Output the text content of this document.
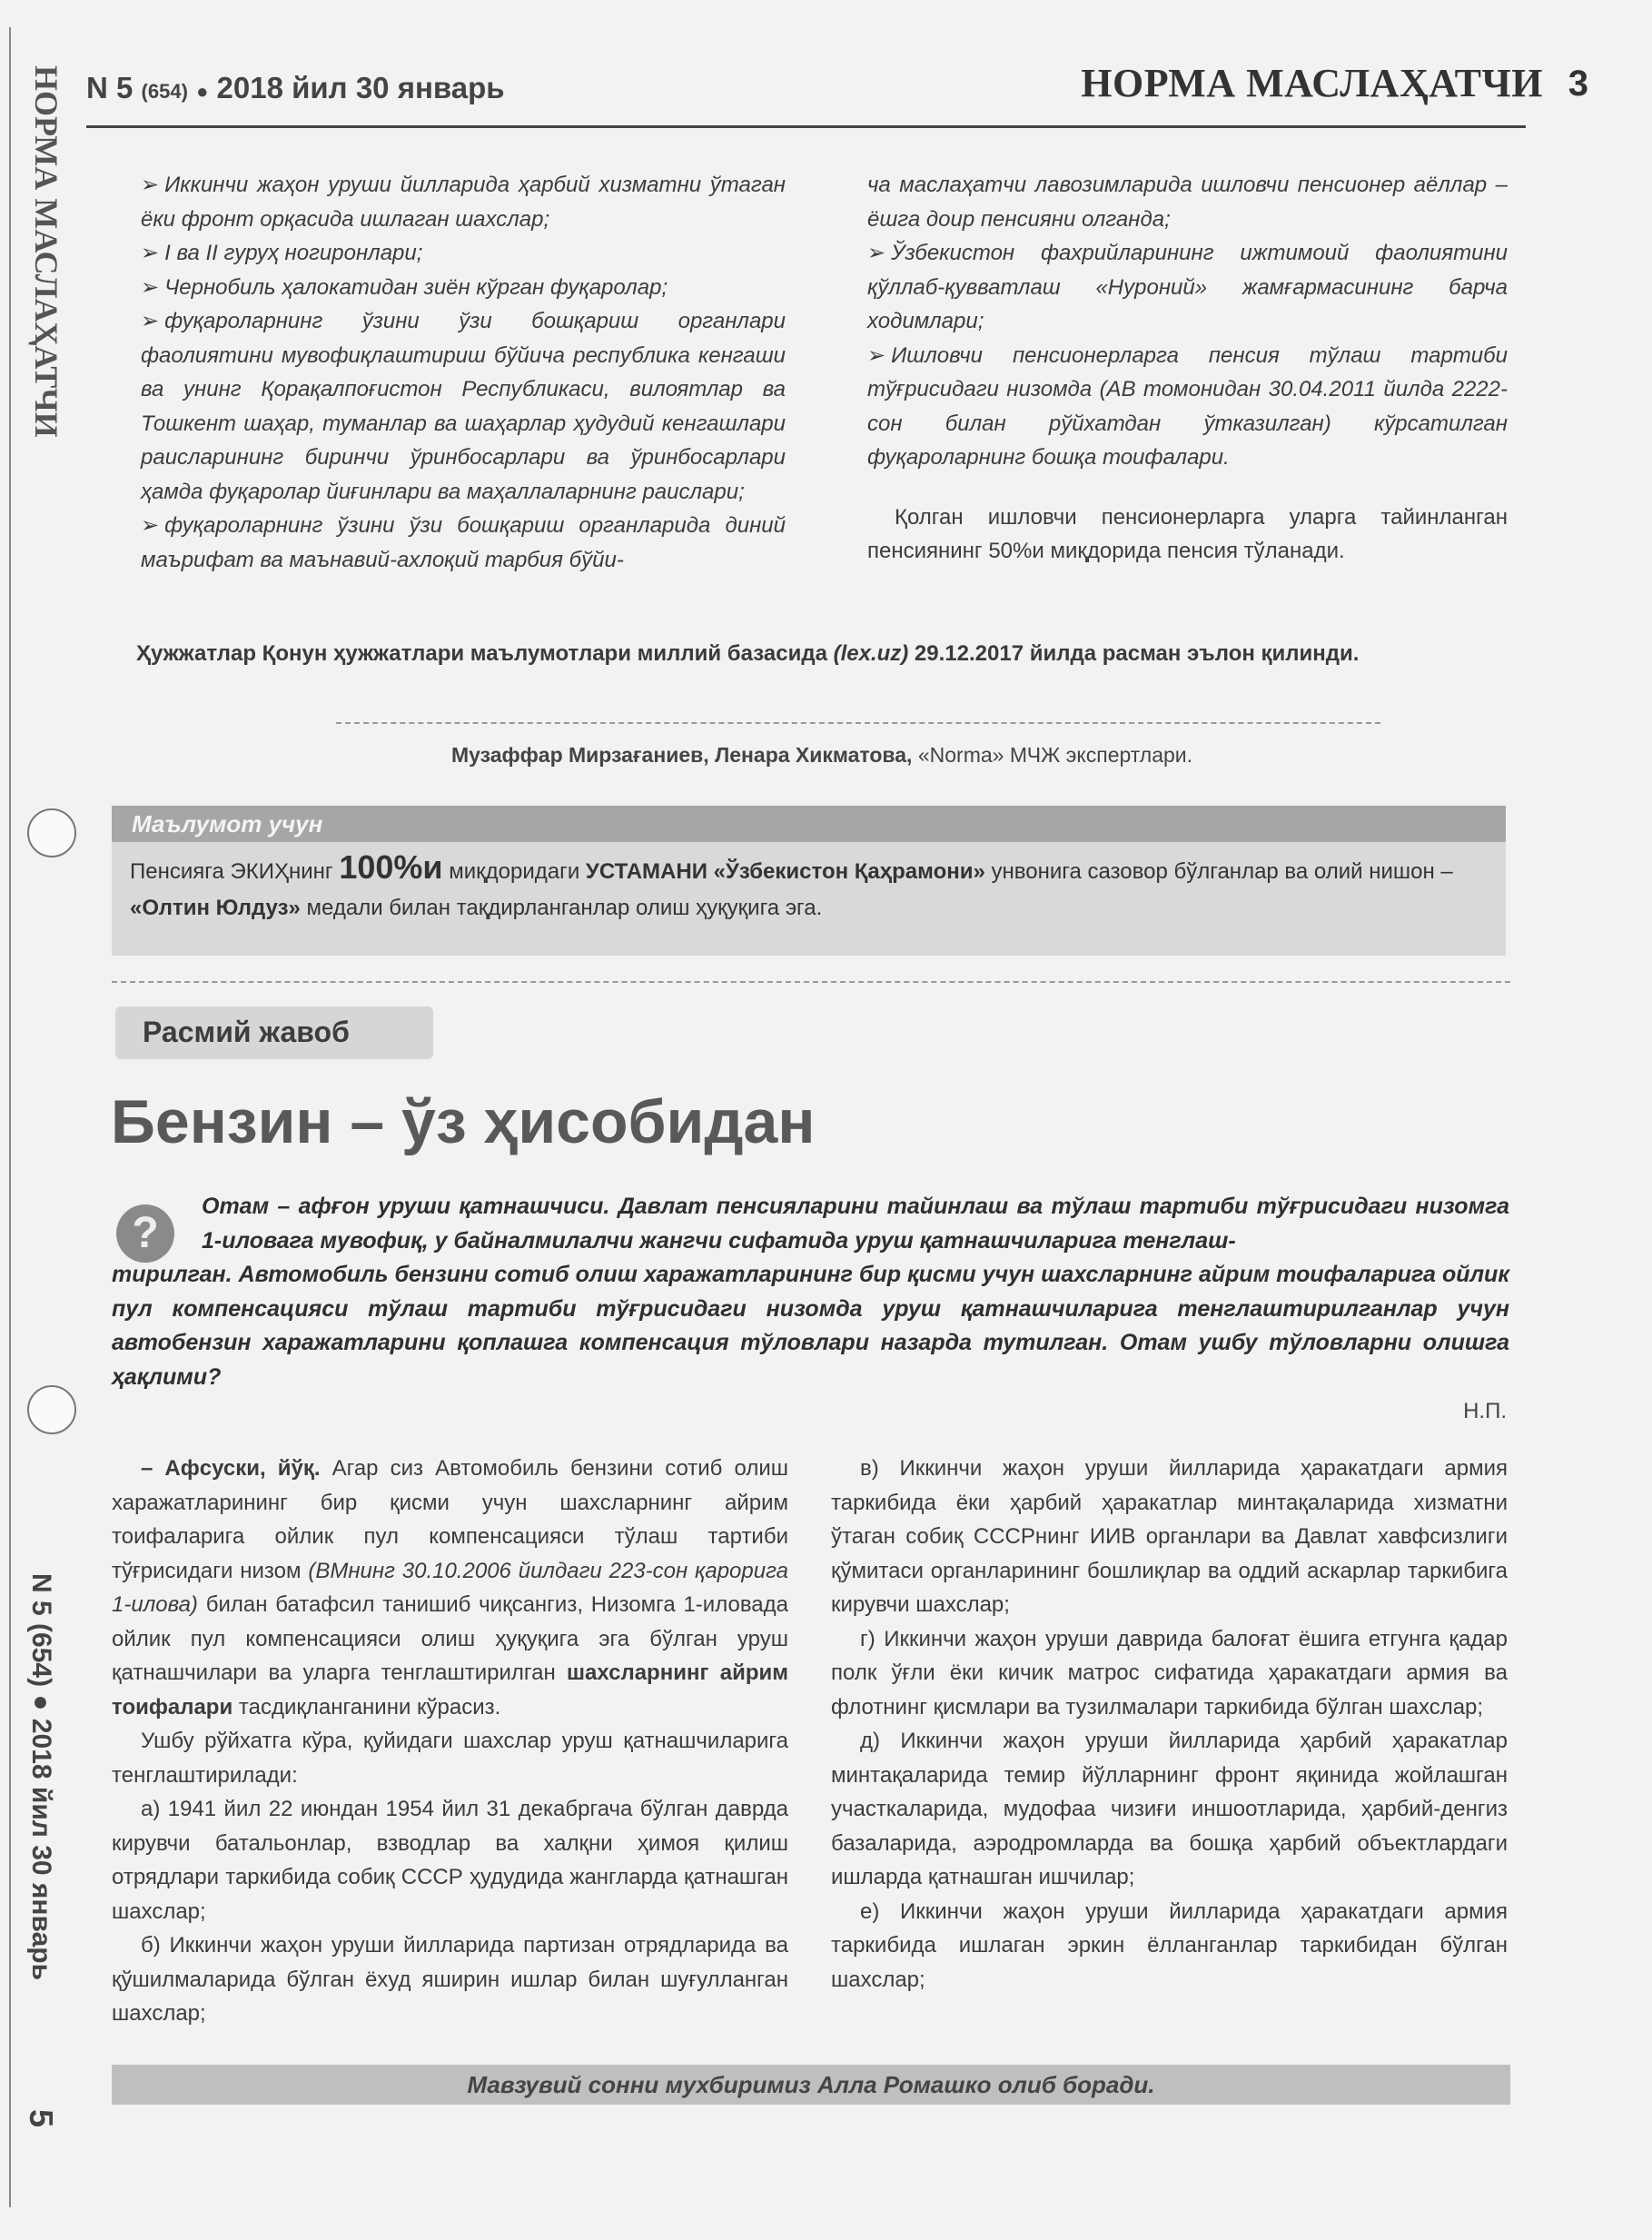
НОРМА МАСЛАҲАТЧИ
N 5 (654) ● 2018 йил 30 январь
5
N 5 (654) ● 2018 йил 30 январь	НОРМА МАСЛАҲАТЧИ 3

➢ Иккинчи жаҳон уруши йилларида ҳарбий хизматни ўтаган ёки фронт орқасида ишлаган шахслар;

➢ I ва II гуруҳ ногиронлари;

➢ Чернобиль ҳалокатидан зиён кўрган фуқаролар;

➢ фуқароларнинг ўзини ўзи бошқариш органлари фаолиятини мувофиқлаштириш бўйича республика кенгаши ва унинг Қорақалпоғистон Республикаси, вилоятлар ва Тошкент шаҳар, туманлар ва шаҳарлар ҳудудий кенгашлари раисларининг биринчи ўринбосарлари ва ўринбосарлари ҳамда фуқаролар йиғинлари ва маҳаллаларнинг раислари;

➢ фуқароларнинг ўзини ўзи бошқариш органларида диний маърифат ва маънавий-ахлоқий тарбия бўйи-

ча маслаҳатчи лавозимларида ишловчи пенсионер аёллар – ёшга доир пенсияни олганда;

➢ Ўзбекистон фахрийларининг ижтимоий фаолиятини қўллаб-қувватлаш «Нуроний» жамғармасининг барча ходимлари;

➢ Ишловчи пенсионерларга пенсия тўлаш тартиби тўғрисидаги низомда (АВ томонидан 30.04.2011 йилда 2222-сон билан рўйхатдан ўтказилган) кўрсатилган фуқароларнинг бошқа тоифалари.

Қолган ишловчи пенсионерларга уларга тайинланган пенсиянинг 50%и миқдорида пенсия тўланади.

Ҳужжатлар Қонун ҳужжатлари маълумотлари миллий базасида (lex.uz) 29.12.2017 йилда расман эълон қилинди.
Музаффар Мирзағаниев, Ленара Хикматова, «Norma» МЧЖ экспертлари.
Маълумот учун
Пенсияга ЭКИҲнинг 100%и миқдоридаги УСТАМАНИ «Ўзбекистон Қаҳрамони» унвонига сазовор бўлганлар ва олий нишон – «Олтин Юлдуз» медали билан тақдирланганлар олиш ҳуқуқига эга.
Расмий жавоб
Бензин – ўз ҳисобидан
?
Отам – афғон уруши қатнашчиси. Давлат пенсияларини тайинлаш ва тўлаш тартиби тўғрисидаги низомга 1-иловага мувофиқ, у байналмилалчи жангчи сифатида уруш қатнашчиларига тенглаш-
тирилган. Автомобиль бензини сотиб олиш харажатларининг бир қисми учун шахсларнинг айрим тоифаларига ойлик пул компенсацияси тўлаш тартиби тўғрисидаги низомда уруш қатнашчиларига тенглаштирилганлар учун автобензин харажатларини қоплашга компенсация тўловлари назарда тутилган. Отам ушбу тўловларни олишга ҳақлими?
Н.П.

– Афсуски, йўқ. Агар сиз Автомобиль бензини сотиб олиш харажатларининг бир қисми учун шахсларнинг айрим тоифаларига ойлик пул компенсацияси тўлаш тартиби тўғрисидаги низом (ВМнинг 30.10.2006 йилдаги 223-сон қарорига 1-илова) билан батафсил танишиб чиқсангиз, Низомга 1-иловада ойлик пул компенсацияси олиш ҳуқуқига эга бўлган уруш қатнашчилари ва уларга тенглаштирилган шахсларнинг айрим тоифалари тасдиқланганини кўрасиз.

Ушбу рўйхатга кўра, қуйидаги шахслар уруш қатнашчиларига тенглаштирилади:

а) 1941 йил 22 июндан 1954 йил 31 декабргача бўлган даврда кирувчи батальонлар, взводлар ва халқни ҳимоя қилиш отрядлари таркибида собиқ СССР ҳудудида жангларда қатнашган шахслар;

б) Иккинчи жаҳон уруши йилларида партизан отрядларида ва қўшилмаларида бўлган ёхуд яширин ишлар билан шуғулланган шахслар;

в) Иккинчи жаҳон уруши йилларида ҳаракатдаги армия таркибида ёки ҳарбий ҳаракатлар минтақаларида хизматни ўтаган собиқ СССРнинг ИИВ органлари ва Давлат хавфсизлиги қўмитаси органларининг бошлиқлар ва оддий аскарлар таркибига кирувчи шахслар;

г) Иккинчи жаҳон уруши даврида балоғат ёшига етгунга қадар полк ўғли ёки кичик матрос сифатида ҳаракатдаги армия ва флотнинг қисмлари ва тузилмалари таркибида бўлган шахслар;

д) Иккинчи жаҳон уруши йилларида ҳарбий ҳаракатлар минтақаларида темир йўлларнинг фронт яқинида жойлашган участкаларида, мудофаа чизиғи иншоотларида, ҳарбий-денгиз базаларида, аэродромларда ва бошқа ҳарбий объектлардаги ишларда қатнашган ишчилар;

е) Иккинчи жаҳон уруши йилларида ҳаракатдаги армия таркибида ишлаган эркин ёлланганлар таркибидан бўлган шахслар;

Мавзувий сонни мухбиримиз Алла Ромашко олиб боради.
